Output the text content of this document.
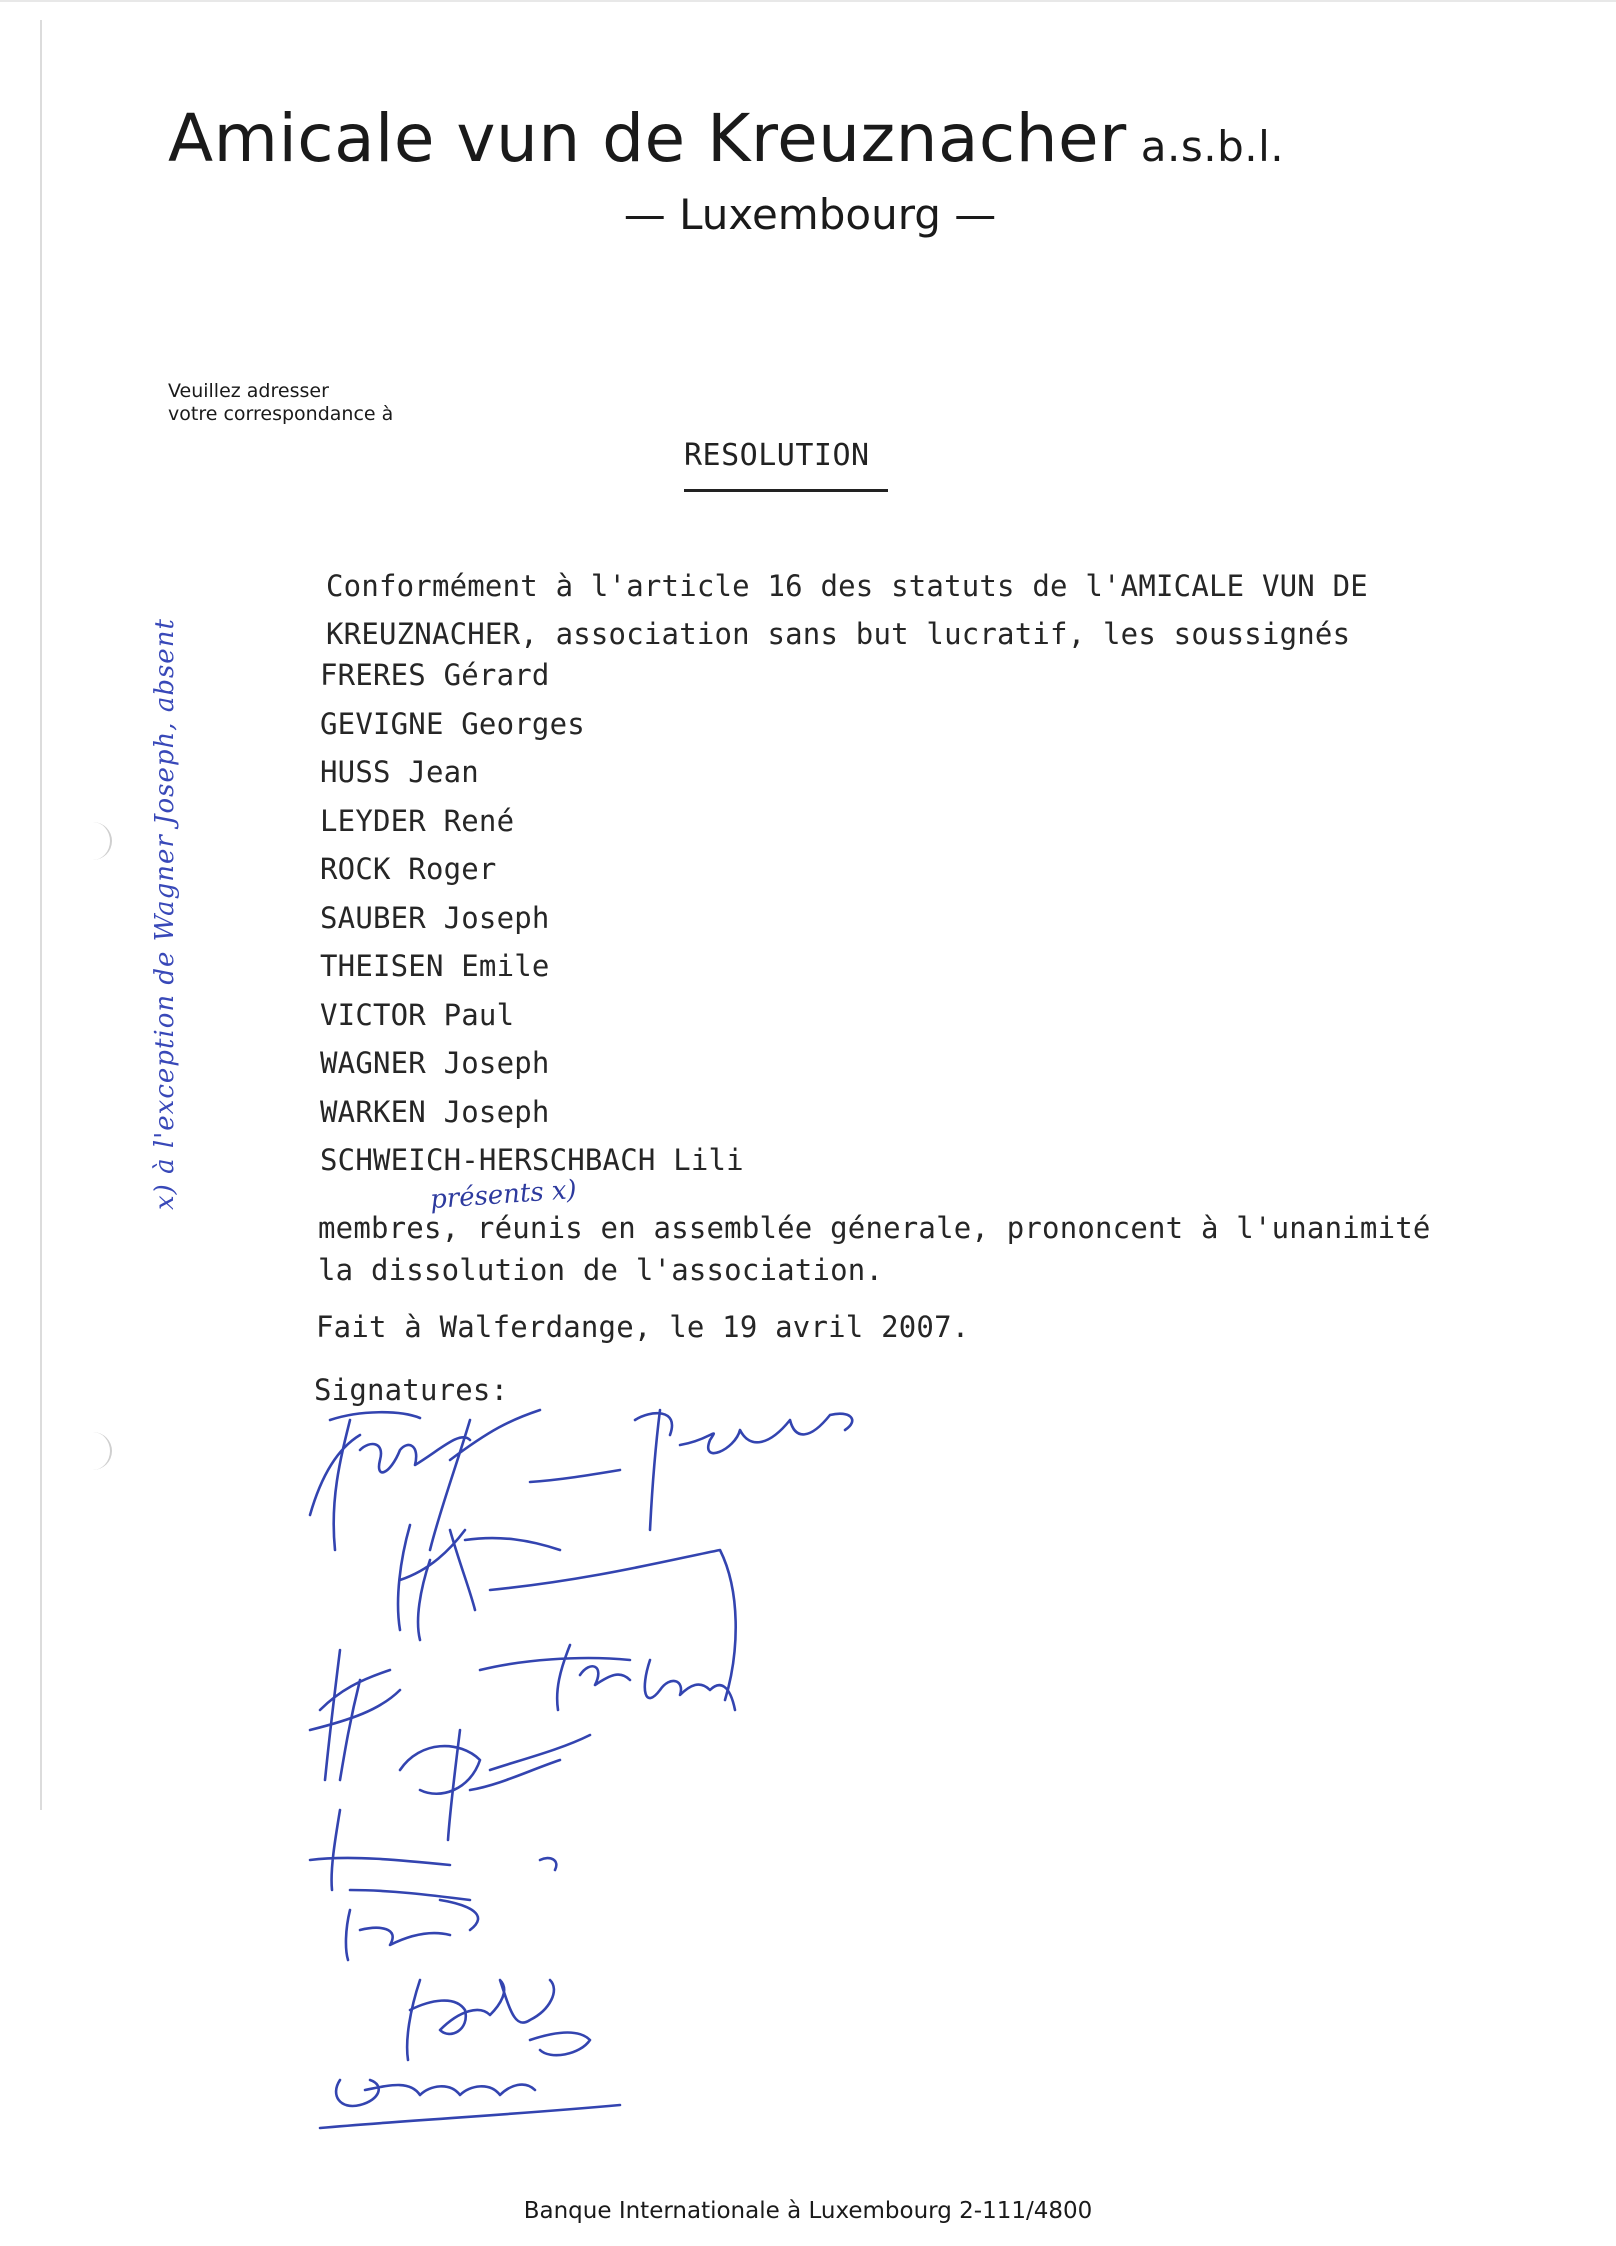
Amicale vun de Kreuznacher a.s.b.l.
— Luxembourg —
Veuillez adresser
votre correspondance à
RESOLUTION
Conformément à l'article 16 des statuts de l'AMICALE VUN DE
KREUZNACHER, association sans but lucratif, les soussignés
FRERES Gérard
GEVIGNE Georges
HUSS Jean
LEYDER René
ROCK Roger
SAUBER Joseph
THEISEN Emile
VICTOR Paul
WAGNER Joseph
WARKEN Joseph
SCHWEICH-HERSCHBACH Lili
présents x)
membres, réunis en assemblée génerale, prononcent à l'unanimité
la dissolution de l'association.
Fait à Walferdange, le 19 avril 2007.
Signatures:
x) à l'exception de Wagner Joseph, absent
Banque Internationale à Luxembourg 2-111/4800
